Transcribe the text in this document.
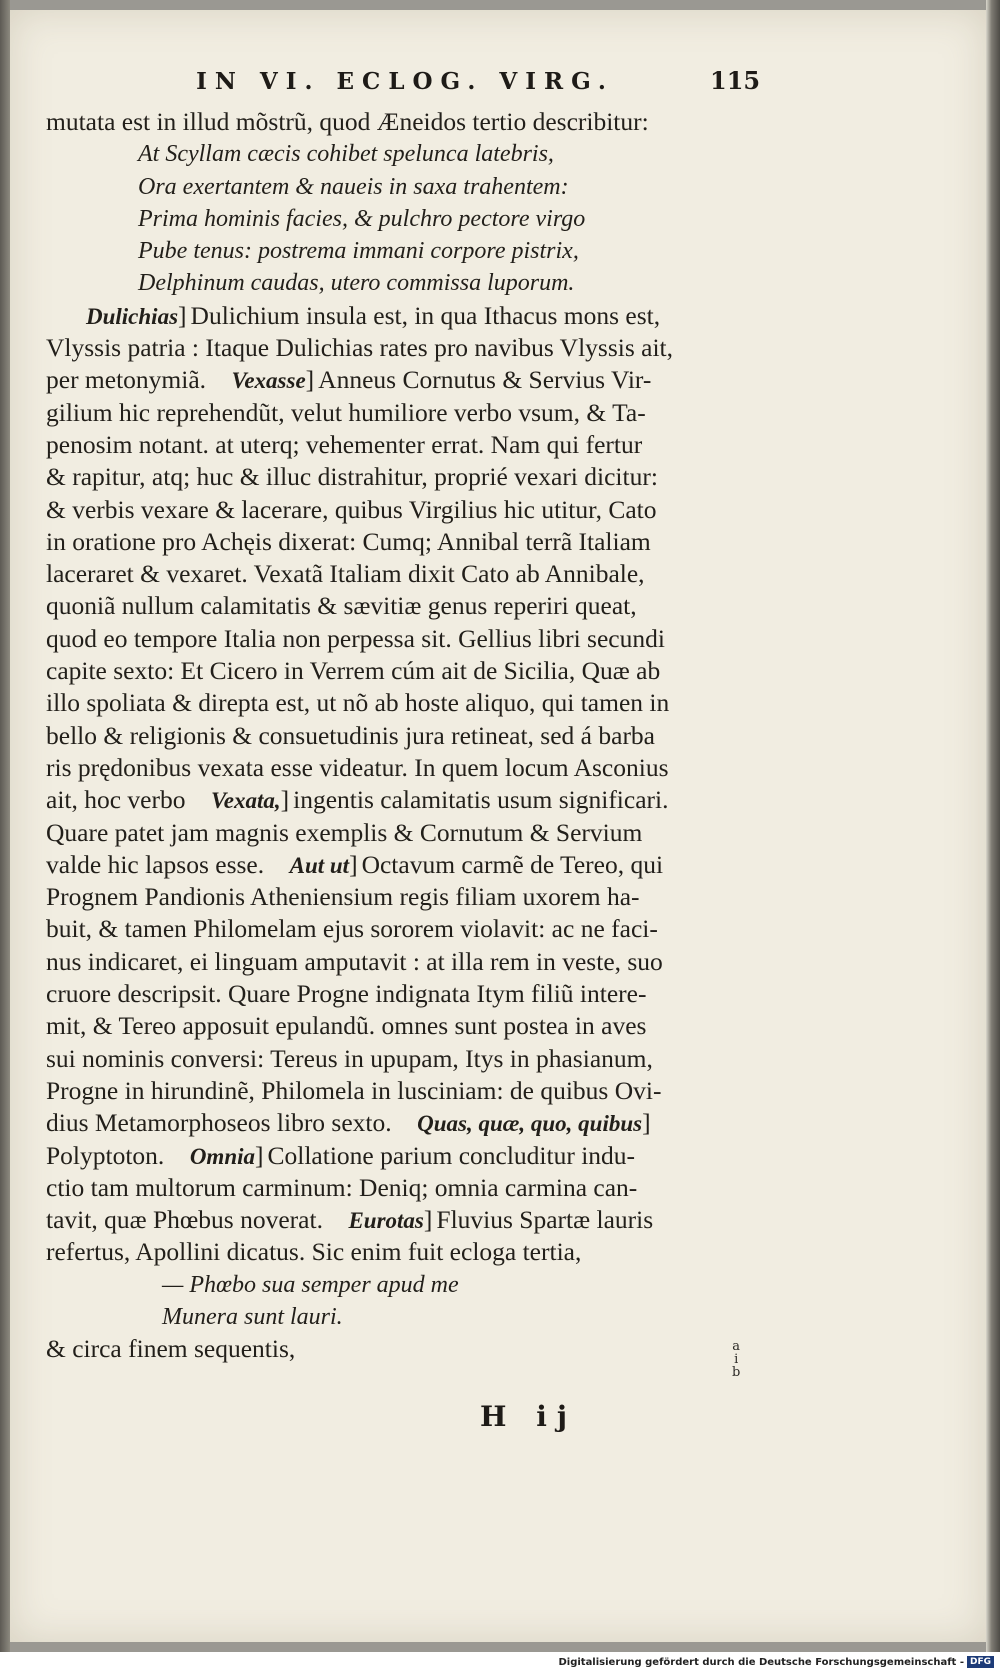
IN VI. ECLOG. VIRG.	115
mutata est in illud mõstrũ, quod Æneidos tertio describitur:
At Scyllam cæcis cohibet spelunca latebris,
Ora exertantem & naueis in saxa trahentem:
Prima hominis facies, & pulchro pectore virgo
Pube tenus: postrema immani corpore pistrix,
Delphinum caudas, utero commissa luporum.
Dulichias] Dulichium insula est, in qua Ithacus mons est,
Vlyssis patria : Itaque Dulichias rates pro navibus Vlyssis ait,
per metonymiã.  Vexasse] Anneus Cornutus & Servius Vir-
gilium hic reprehendũt, velut humiliore verbo vsum, & Ta-
penosim notant. at uterq; vehementer errat. Nam qui fertur
& rapitur, atq; huc & illuc distrahitur, proprié vexari dicitur:
& verbis vexare & lacerare, quibus Virgilius hic utitur, Cato
in oratione pro Achęis dixerat: Cumq; Annibal terrã Italiam
laceraret & vexaret. Vexatã Italiam dixit Cato ab Annibale,
quoniã nullum calamitatis & sævitiæ genus reperiri queat,
quod eo tempore Italia non perpessa sit. Gellius libri secundi
capite sexto: Et Cicero in Verrem cúm ait de Sicilia, Quæ ab
illo spoliata & direpta est, ut nõ ab hoste aliquo, qui tamen in
bello & religionis & consuetudinis jura retineat, sed á barba
ris prędonibus vexata esse videatur. In quem locum Asconius
ait, hoc verbo  Vexata,] ingentis calamitatis usum significari.
Quare patet jam magnis exemplis & Cornutum & Servium
valde hic lapsos esse.  Aut ut] Octavum carmẽ de Tereo, qui
Prognem Pandionis Atheniensium regis filiam uxorem ha-
buit, & tamen Philomelam ejus sororem violavit: ac ne faci-
nus indicaret, ei linguam amputavit : at illa rem in veste, suo
cruore descripsit. Quare Progne indignata Itym filiũ intere-
mit, & Tereo apposuit epulandũ. omnes sunt postea in aves
sui nominis conversi: Tereus in upupam, Itys in phasianum,
Progne in hirundinẽ, Philomela in lusciniam: de quibus Ovi-
dius Metamorphoseos libro sexto.  Quas, quæ, quo, quibus]
Polyptoton.  Omnia] Collatione parium concluditur indu-
ctio tam multorum carminum: Deniq; omnia carmina can-
tavit, quæ Phœbus noverat.  Eurotas] Fluvius Spartæ lauris
refertus, Apollini dicatus. Sic enim fuit ecloga tertia,
— Phœbo sua semper apud me
Munera sunt lauri.
& circa finem sequentis,	a
i
b
H ij
Digitalisierung gefördert durch die Deutsche Forschungsgemeinschaft - DFG
